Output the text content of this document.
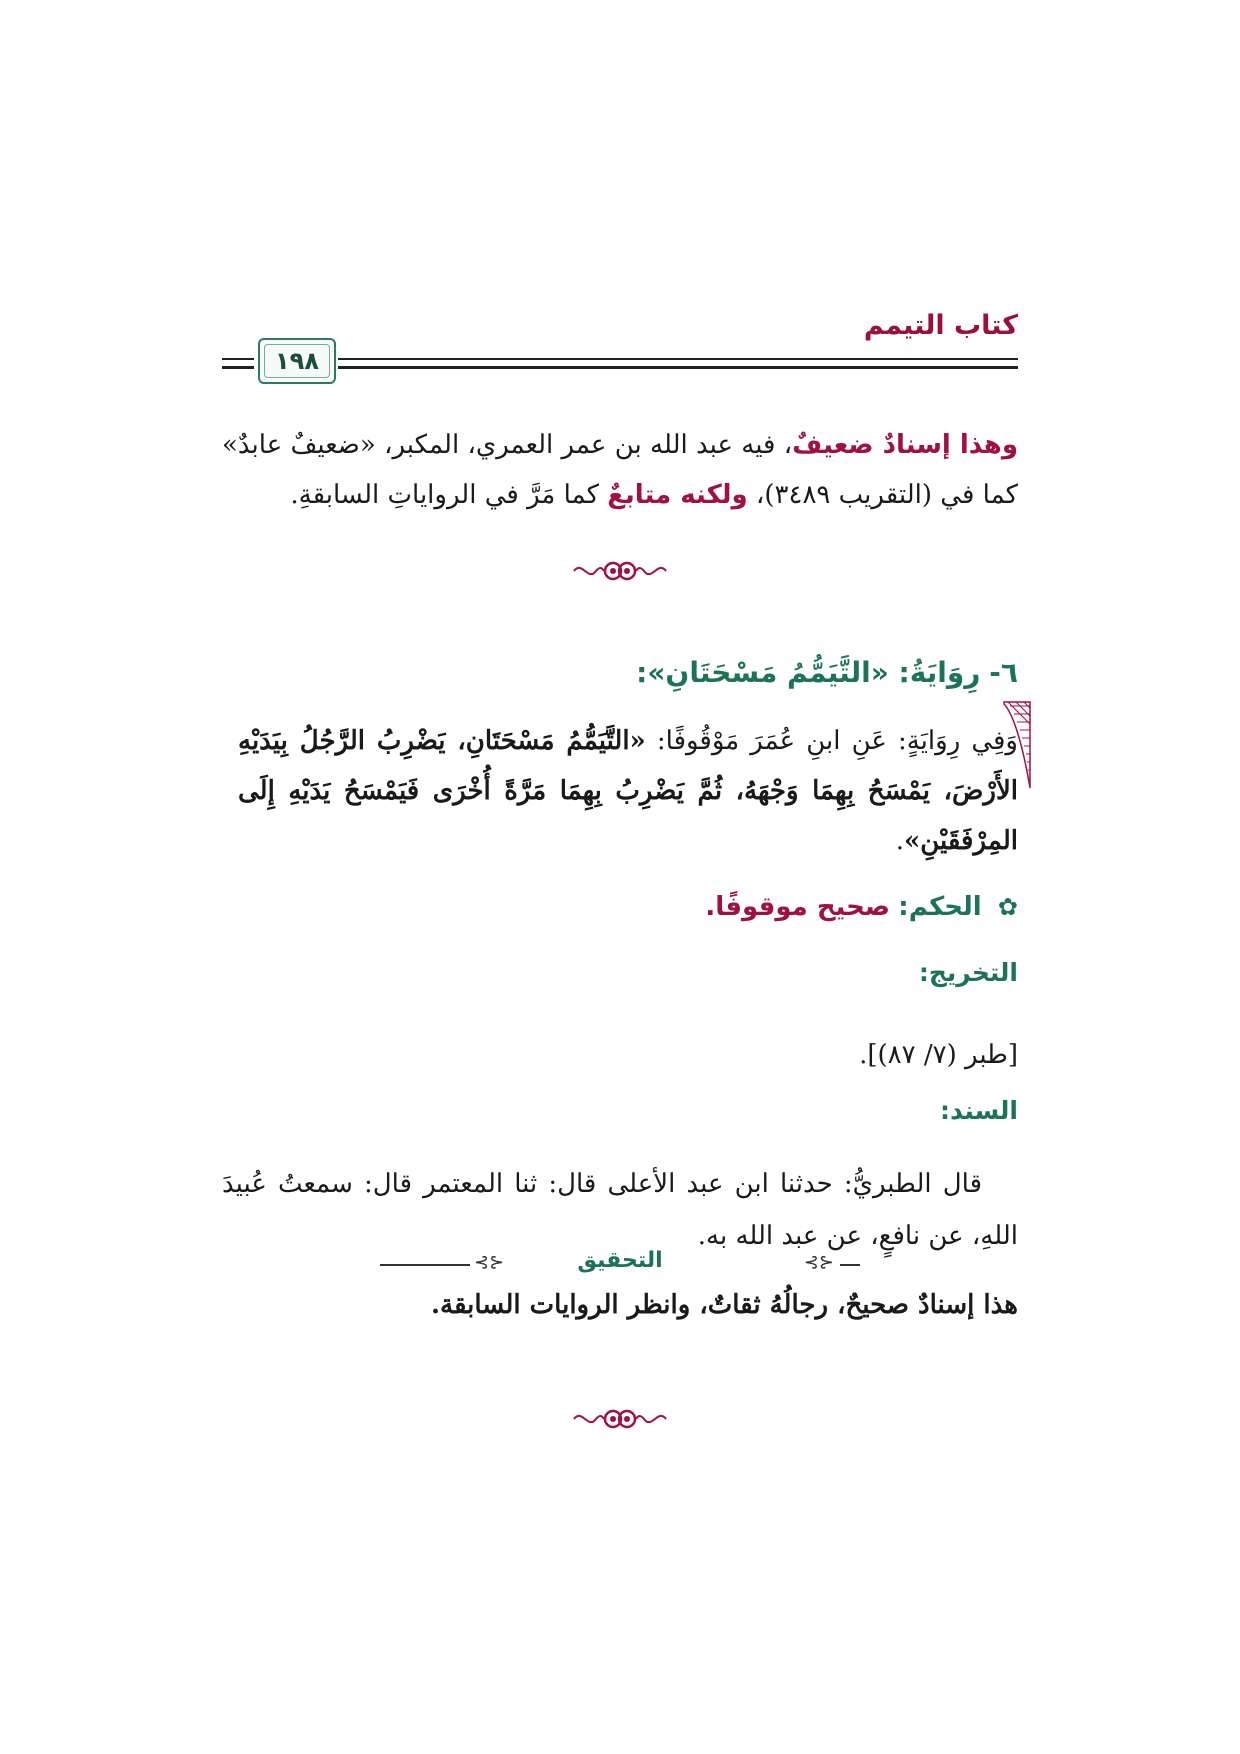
كتاب التيمم
١٩٨
وهذا إسنادٌ ضعيفٌ، فيه عبد الله بن عمر العمري، المكبر، «ضعيفٌ عابدٌ» كما في (التقريب ٣٤٨٩)، ولكنه متابعٌ كما مَرَّ في الرواياتِ السابقةِ.
٦- رِوَايَةُ: «التَّيَمُّمُ مَسْحَتَانِ»:
وَفِي رِوَايَةٍ: عَنِ ابنِ عُمَرَ مَوْقُوفًا: «التَّيَمُّمُ مَسْحَتَانِ، يَضْرِبُ الرَّجُلُ بِيَدَيْهِ الأَرْضَ، يَمْسَحُ بِهِمَا وَجْهَهُ، ثُمَّ يَضْرِبُ بِهِمَا مَرَّةً أُخْرَى فَيَمْسَحُ يَدَيْهِ إِلَى المِرْفَقَيْنِ».
✿ الحكم: صحيح موقوفًا.
التخريج:
[طبر (٧/ ٨٧)].
السند:
قال الطبريُّ: حدثنا ابن عبد الأعلى قال: ثنا المعتمر قال: سمعتُ عُبيدَ اللهِ، عن نافعٍ، عن عبد الله به.
⊰⊱	التحقيق	⊰⊱
هذا إسنادٌ صحيحٌ، رجالُهُ ثقاتٌ، وانظر الروايات السابقة.
